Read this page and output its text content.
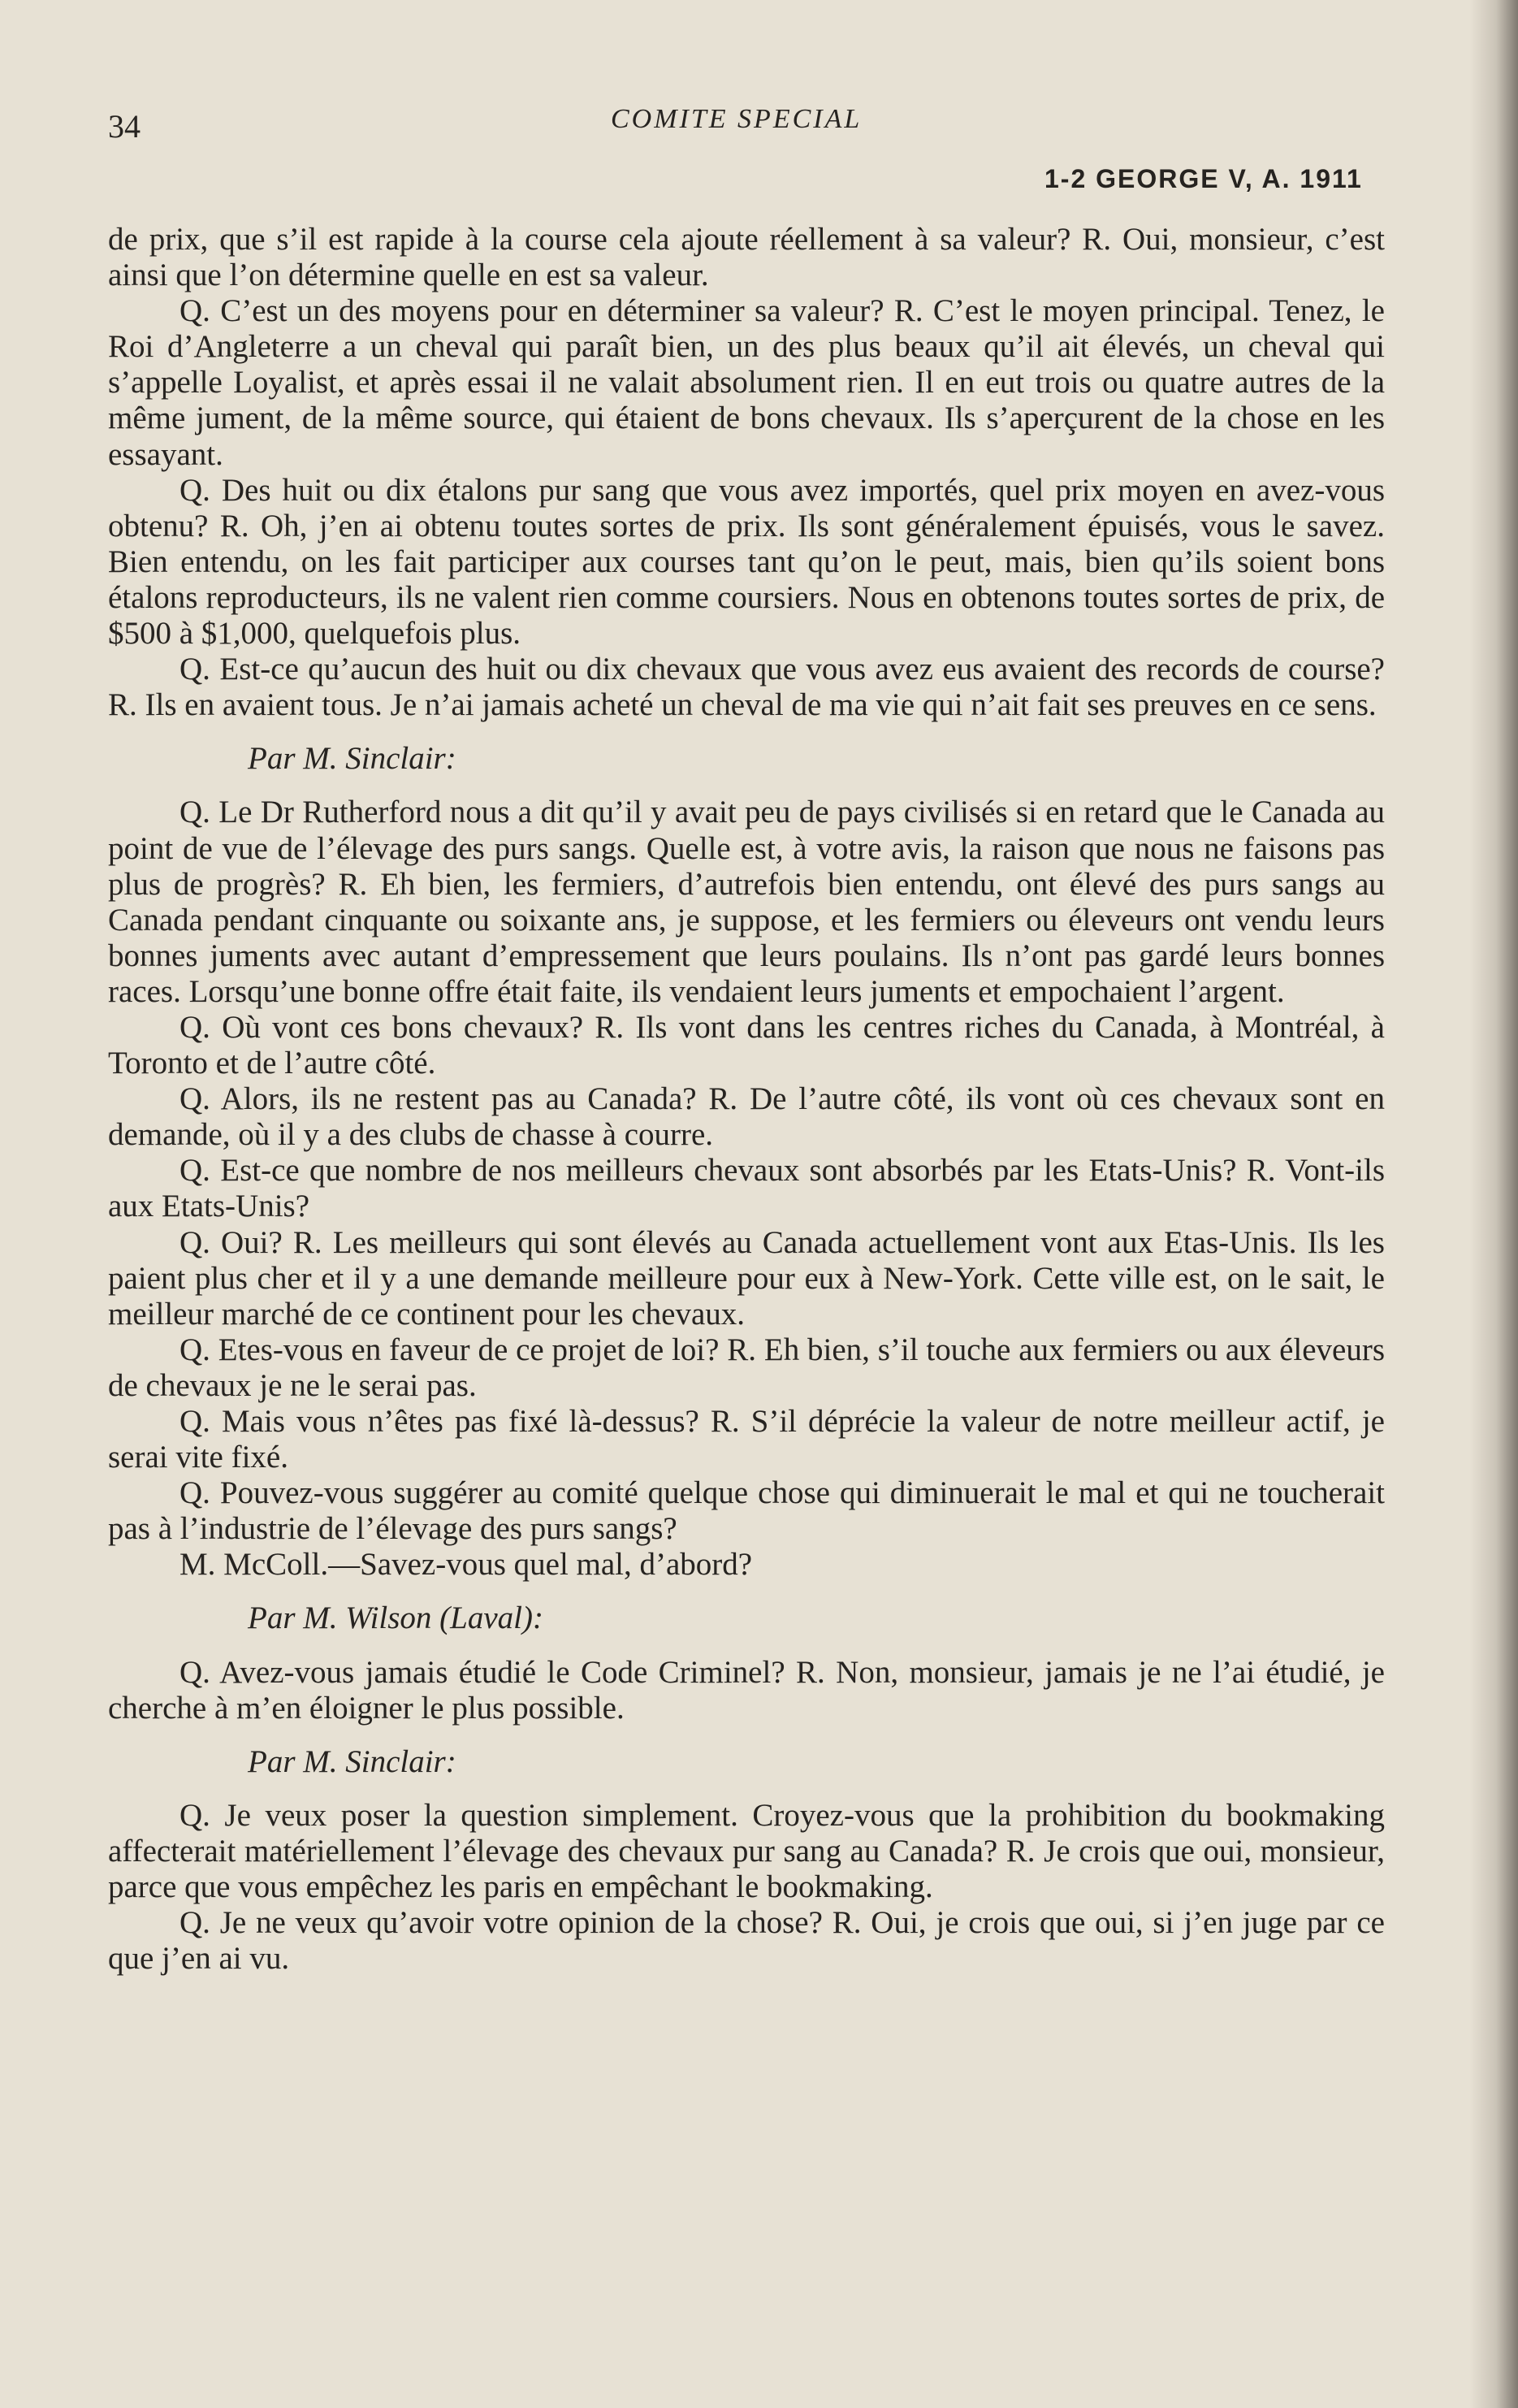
34	COMITE SPECIAL
1-2 GEORGE V, A. 1911

de prix, que s’il est rapide à la course cela ajoute réellement à sa valeur? R. Oui, monsieur, c’est ainsi que l’on détermine quelle en est sa valeur.

Q. C’est un des moyens pour en déterminer sa valeur? R. C’est le moyen principal. Tenez, le Roi d’Angleterre a un cheval qui paraît bien, un des plus beaux qu’il ait élevés, un cheval qui s’appelle Loyalist, et après essai il ne valait absolument rien. Il en eut trois ou quatre autres de la même jument, de la même source, qui étaient de bons chevaux. Ils s’aperçurent de la chose en les essayant.

Q. Des huit ou dix étalons pur sang que vous avez importés, quel prix moyen en avez-vous obtenu? R. Oh, j’en ai obtenu toutes sortes de prix. Ils sont généralement épuisés, vous le savez. Bien entendu, on les fait participer aux courses tant qu’on le peut, mais, bien qu’ils soient bons étalons reproducteurs, ils ne valent rien comme coursiers. Nous en obtenons toutes sortes de prix, de $500 à $1,000, quelquefois plus.

Q. Est-ce qu’aucun des huit ou dix chevaux que vous avez eus avaient des records de course? R. Ils en avaient tous. Je n’ai jamais acheté un cheval de ma vie qui n’ait fait ses preuves en ce sens.

Par M. Sinclair:

Q. Le Dr Rutherford nous a dit qu’il y avait peu de pays civilisés si en retard que le Canada au point de vue de l’élevage des purs sangs. Quelle est, à votre avis, la raison que nous ne faisons pas plus de progrès? R. Eh bien, les fermiers, d’autrefois bien entendu, ont élevé des purs sangs au Canada pendant cinquante ou soixante ans, je suppose, et les fermiers ou éleveurs ont vendu leurs bonnes juments avec autant d’empressement que leurs poulains. Ils n’ont pas gardé leurs bonnes races. Lorsqu’une bonne offre était faite, ils vendaient leurs juments et empochaient l’argent.

Q. Où vont ces bons chevaux? R. Ils vont dans les centres riches du Canada, à Montréal, à Toronto et de l’autre côté.

Q. Alors, ils ne restent pas au Canada? R. De l’autre côté, ils vont où ces chevaux sont en demande, où il y a des clubs de chasse à courre.

Q. Est-ce que nombre de nos meilleurs chevaux sont absorbés par les Etats-Unis? R. Vont-ils aux Etats-Unis?

Q. Oui? R. Les meilleurs qui sont élevés au Canada actuellement vont aux Etas-Unis. Ils les paient plus cher et il y a une demande meilleure pour eux à New-York. Cette ville est, on le sait, le meilleur marché de ce continent pour les chevaux.

Q. Etes-vous en faveur de ce projet de loi? R. Eh bien, s’il touche aux fermiers ou aux éleveurs de chevaux je ne le serai pas.

Q. Mais vous n’êtes pas fixé là-dessus? R. S’il déprécie la valeur de notre meilleur actif, je serai vite fixé.

Q. Pouvez-vous suggérer au comité quelque chose qui diminuerait le mal et qui ne toucherait pas à l’industrie de l’élevage des purs sangs?

M. McColl.—Savez-vous quel mal, d’abord?

Par M. Wilson (Laval):

Q. Avez-vous jamais étudié le Code Criminel? R. Non, monsieur, jamais je ne l’ai étudié, je cherche à m’en éloigner le plus possible.

Par M. Sinclair:

Q. Je veux poser la question simplement. Croyez-vous que la prohibition du bookmaking affecterait matériellement l’élevage des chevaux pur sang au Canada? R. Je crois que oui, monsieur, parce que vous empêchez les paris en empêchant le bookmaking.

Q. Je ne veux qu’avoir votre opinion de la chose? R. Oui, je crois que oui, si j’en juge par ce que j’en ai vu.
